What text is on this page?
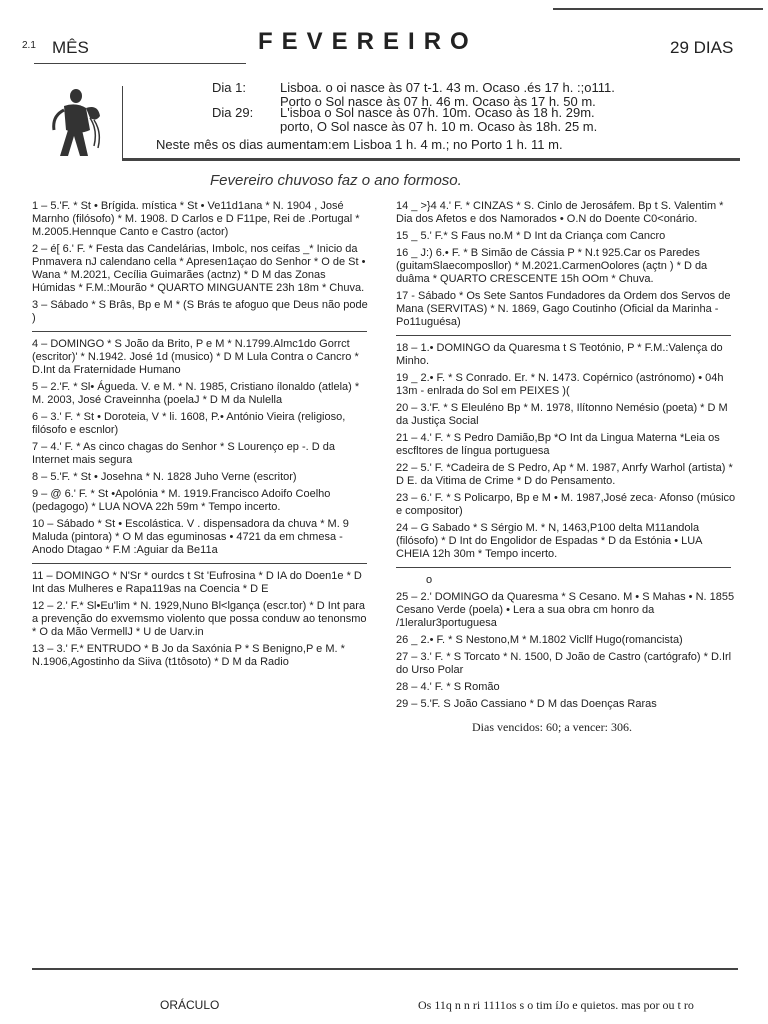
2.1 MÊS	FEVEREIRO	29 DIAS
Dia 1:	Lisboa. o oi nasce às 07 t-1. 43 m. Ocaso .és 17 h. :;o111.
Porto o Sol nasce às 07 h. 46 m. Ocaso às 17 h. 50 m.
Dia 29: L'isboa o Sol nasce às 07h. 10m. Ocaso às 18 h. 29m.
porto, O Sol nasce às 07 h. 10 m. Ocaso às 18h. 25 m.
Neste mês os dias aumentam:em Lisboa 1 h. 4 m.; no Porto 1 h. 11 m.
Fevereiro chuvoso faz o ano formoso.
1 – 5.'F. * St • Brígida. mística * St • Ve11d1ana * N. 1904 , José Marnho (filósofo) * M. 1908. D Carlos e D F11pe, Rei de .Portugal * M.2005.Hennque Canto e Castro (actor)
2 – é[ 6.' F. * Festa das Candelárias, Imbolc, nos ceifas _* Inicio da Pnmavera nJ calendano cella * Apresen1açao do Senhor * O de St • Wana * M.2021, Cecília Guimarães (actnz) * D M das Zonas Húmidas * F.M.:Mourão * QUARTO MINGUANTE 23h 18m * Chuva.
3 – Sábado * S Brâs, Bp e M * (S Brás te afoguo que Deus não pode )
4 – DOMINGO * S João da Brito, P e M * N.1799.Almc1do Gorrct (escritor)' * N.1942. José 1d (musico) * D M Lula Contra o Cancro * D.Int da Fraternidade Humano
5 – 2.'F. * Sl• Águeda. V. e M. * N. 1985, Cristiano ílonaldo (atlela) * M. 2003, José Craveinnha (poelaJ * D M da Nulella
6 – 3.' F. * St • Doroteia, V * li. 1608, P.• António Vieira (religioso, filósofo e escnlor)
7 – 4.' F. * As cinco chagas do Senhor * S Lourenço ep -. D da Internet mais segura
8 – 5.'F. * St • Josehna * N. 1828 Juho Verne (escritor)
9 – @ 6.' F. * St •Apolónia * M. 1919.Francisco Adoifo Coelho (pedagogo) * LUA NOVA 22h 59m * Tempo incerto.
10 – Sábado * St • Escolástica. V . dispensadora da chuva * M. 9 Maluda (pintora) * O M das eguminosas • 4721 da em chmesa -Anodo Dtagao * F.M :Aguiar da Be11a
11 – DOMINGO * N'Sr * ourdcs t St 'Eufrosina * D IA do Doen1e * D Int das Mulheres e Rapa119as na Coencia * D E
12 – 2.' F.* Sl•Eu'lim * N. 1929,Nuno Bl<lgança (escr.tor) * D Int para a prevenção do exvemsmo violento que possa conduw ao tenonsmo * O da Mão VermellJ * U de Uarv.in
13 – 3.' F.* ENTRUDO * B Jo da Saxónia P * S Benigno,P e M. * N.1906,Agostinho da Siiva (t1tôsoto) * D M da Radio
14 _ >}4 4.' F. * CINZAS * S. Cinlo de Jerosáfem. Bp t S. Valentim * Dia dos Afetos e dos Namorados • O.N do Doente C0<onário.
15 _ 5.' F.* S Faus no.M * D Int da Criança com Cancro
16 _ J:) 6.• F. * B Simão de Cássia P * N.t 925.Car os Paredes (guitamSlaecomposllor) * M.2021.CarmenOolores (açtn ) * D da duâma * QUARTO CRESCENTE 15h OOm * Chuva.
17 - Sábado * Os Sete Santos Fundadores da Ordem dos Servos de Mana (SERVITAS) * N. 1869, Gago Coutinho (Oficial da Marinha -Po11uguésa)
18 – 1.• DOMINGO da Quaresma t S Teotónio, P * F.M.:Valença do Minho.
19 _ 2.• F. * S Conrado. Er. * N. 1473. Copérnico (astrónomo) • 04h 13m - enlrada do Sol em PEIXES )(
20 – 3.'F. * S Eleuléno Bp * M. 1978, Ilítonno Nemésio (poeta) * D M da Justiça Social
21 – 4.' F. * S Pedro Damião,Bp *O Int da Lingua Materna *Leia os escfltores de língua portuguesa
22 – 5.' F. *Cadeira de S Pedro, Ap * M. 1987, Anrfy Warhol (artista) * D E. da Vitima de Crime * D do Pensamento.
23 – 6.' F. * S Policarpo, Bp e M • M. 1987,José zeca· Afonso (músico e compositor)
24 – G Sabado * S Sérgio M. * N, 1463,P100 delta M11andola (filósofo) * D Int do Engolidor de Espadas * D da Estónia • LUA CHEIA 12h 30m * Tempo incerto.
o
25 – 2.' DOMINGO da Quaresma * S Cesano. M • S Mahas • N. 1855 Cesano Verde (poela) • Lera a sua obra cm honro da /1leralur3portuguesa
26 _ 2.• F. * S Nestono,M * M.1802 Vicllf Hugo(romancista)
27 – 3.' F. * S Torcato * N. 1500, D João de Castro (cartógrafo) * D.Irl do Urso Polar
28 – 4.' F. * S Romão
29 – 5.'F. S João Cassiano * D M das Doenças Raras
Dias vencidos: 60; a vencer: 306.
ORÁCULO	Os 11q n n ri 1111os s o tim íJo e quietos. mas por ou t ro
